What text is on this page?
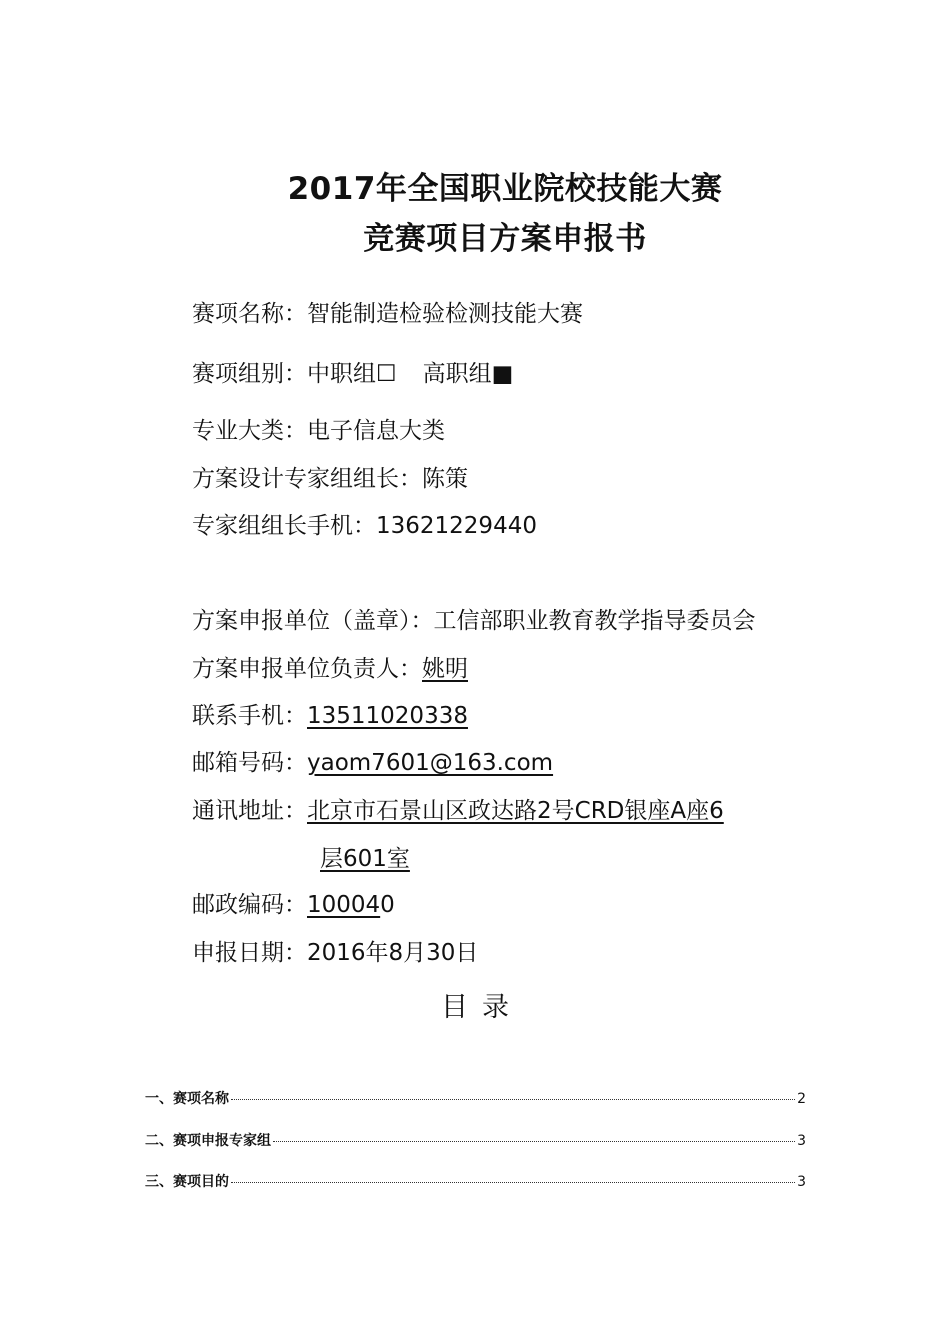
2017年全国职业院校技能大赛
竞赛项目方案申报书
赛项名称：智能制造检验检测技能大赛
赛项组别：中职组☐ 高职组■
专业大类：电子信息大类
方案设计专家组组长：陈策
专家组组长手机：13621229440
方案申报单位（盖章）：工信部职业教育教学指导委员会
方案申报单位负责人：姚明
联系手机：13511020338
邮箱号码：yaom7601@163.com
通讯地址：北京市石景山区政达路2号CRD银座A座6
层601室
邮政编码：100040
申报日期：2016年8月30日
目录
一、赛项名称	2
二、赛项申报专家组	3
三、赛项目的	3
